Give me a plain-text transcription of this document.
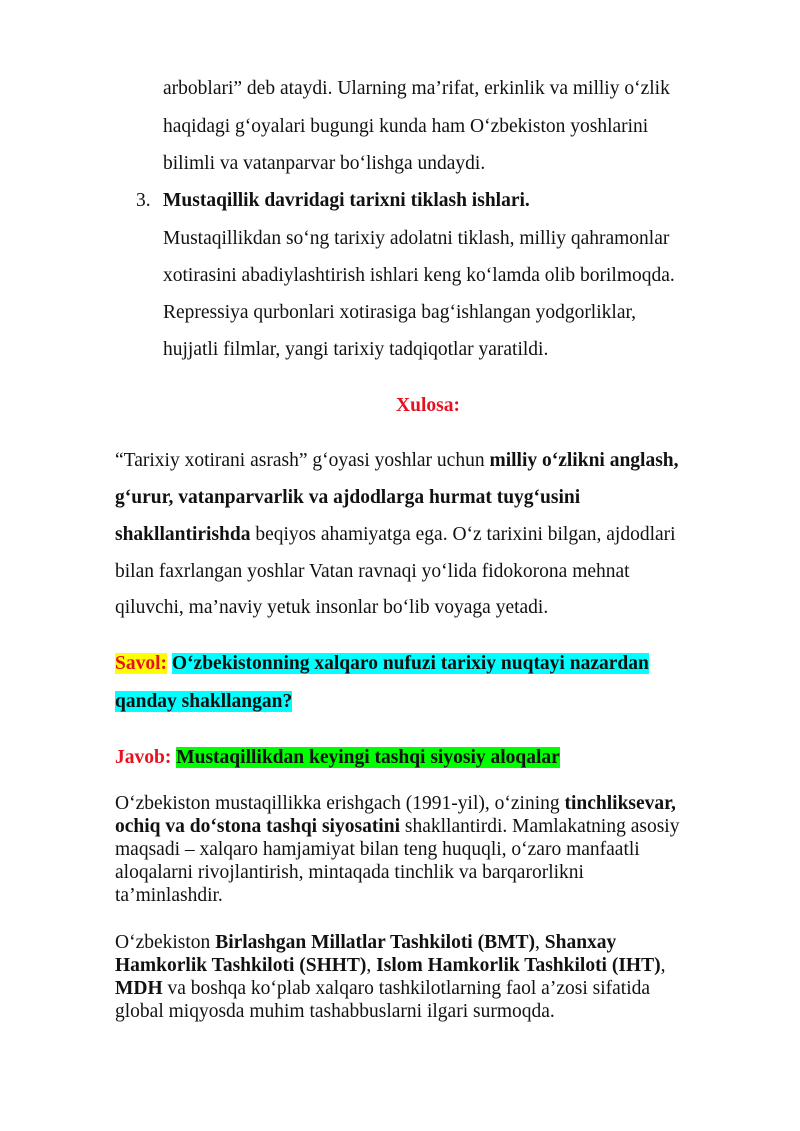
arboblari” deb ataydi. Ularning ma’rifat, erkinlik va milliy o‘zlik
haqidagi g‘oyalari bugungi kunda ham O‘zbekiston yoshlarini
bilimli va vatanparvar bo‘lishga undaydi.
3. Mustaqillik davridagi tarixni tiklash ishlari.
Mustaqillikdan so‘ng tarixiy adolatni tiklash, milliy qahramonlar
xotirasini abadiylashtirish ishlari keng ko‘lamda olib borilmoqda.
Repressiya qurbonlari xotirasiga bag‘ishlangan yodgorliklar,
hujjatli filmlar, yangi tarixiy tadqiqotlar yaratildi.
Xulosa:
“Tarixiy xotirani asrash” g‘oyasi yoshlar uchun milliy o‘zlikni anglash,
g‘urur, vatanparvarlik va ajdodlarga hurmat tuyg‘usini
shakllantirishda beqiyos ahamiyatga ega. O‘z tarixini bilgan, ajdodlari
bilan faxrlangan yoshlar Vatan ravnaqi yo‘lida fidokorona mehnat
qiluvchi, ma’naviy yetuk insonlar bo‘lib voyaga yetadi.
Savol: O‘zbekistonning xalqaro nufuzi tarixiy nuqtayi nazardan
qanday shakllangan?
Javob: Mustaqillikdan keyingi tashqi siyosiy aloqalar
O‘zbekiston mustaqillikka erishgach (1991-yil), o‘zining tinchliksevar,
ochiq va do‘stona tashqi siyosatini shakllantirdi. Mamlakatning asosiy
maqsadi – xalqaro hamjamiyat bilan teng huquqli, o‘zaro manfaatli
aloqalarni rivojlantirish, mintaqada tinchlik va barqarorlikni
ta’minlashdir.
O‘zbekiston Birlashgan Millatlar Tashkiloti (BMT), Shanxay
Hamkorlik Tashkiloti (SHHT), Islom Hamkorlik Tashkiloti (IHT),
MDH va boshqa ko‘plab xalqaro tashkilotlarning faol a’zosi sifatida
global miqyosda muhim tashabbuslarni ilgari surmoqda.
